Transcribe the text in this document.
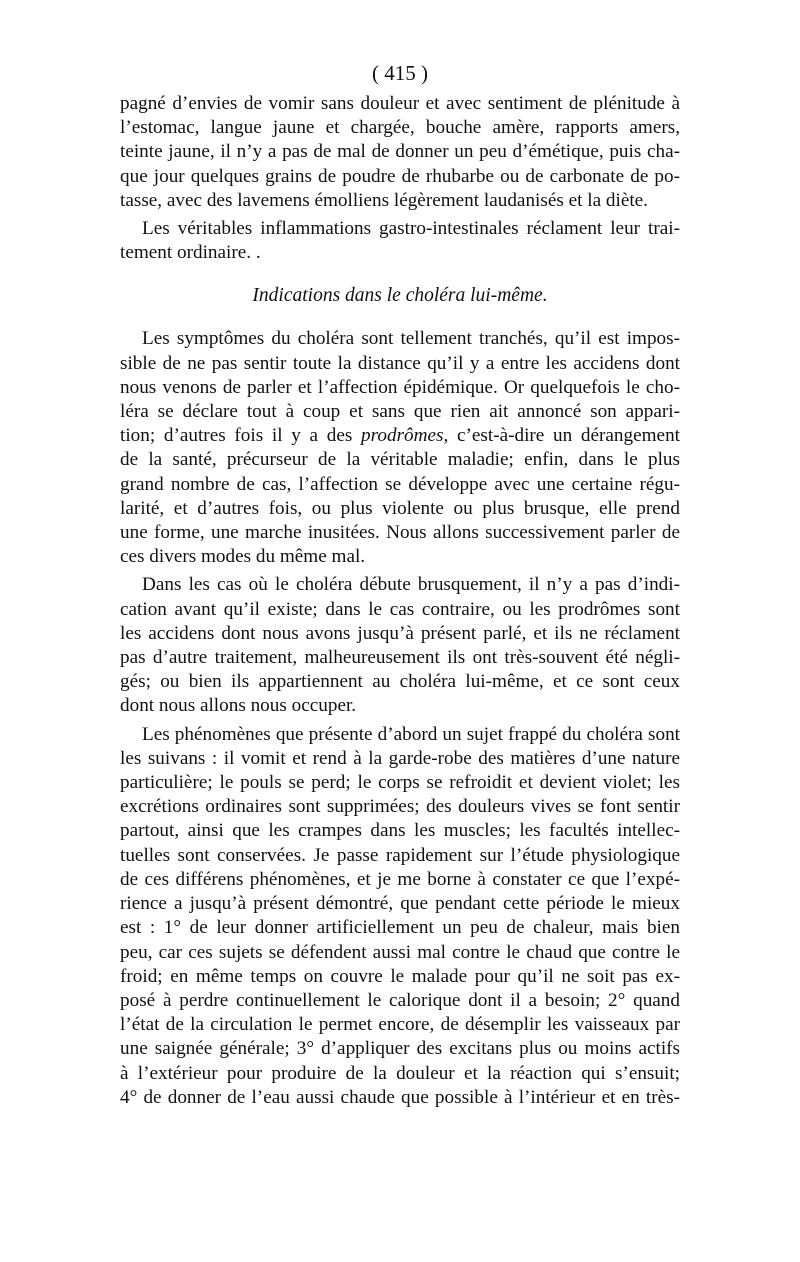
( 415 )
pagné d’envies de vomir sans douleur et avec sentiment de plénitude à
l’estomac, langue jaune et chargée, bouche amère, rapports amers,
teinte jaune, il n’y a pas de mal de donner un peu d’émétique, puis cha-
que jour quelques grains de poudre de rhubarbe ou de carbonate de po-
tasse, avec des lavemens émolliens légèrement laudanisés et la diète.
Les véritables inflammations gastro-intestinales réclament leur trai-
tement ordinaire. .
Indications dans le choléra lui-même.
Les symptômes du choléra sont tellement tranchés, qu’il est impos-
sible de ne pas sentir toute la distance qu’il y a entre les accidens dont
nous venons de parler et l’affection épidémique. Or quelquefois le cho-
léra se déclare tout à coup et sans que rien ait annoncé son appari-
tion; d’autres fois il y a des prodrômes, c’est-à-dire un dérangement
de la santé, précurseur de la véritable maladie; enfin, dans le plus
grand nombre de cas, l’affection se développe avec une certaine régu-
larité, et d’autres fois, ou plus violente ou plus brusque, elle prend
une forme, une marche inusitées. Nous allons successivement parler de
ces divers modes du même mal.
Dans les cas où le choléra débute brusquement, il n’y a pas d’indi-
cation avant qu’il existe; dans le cas contraire, ou les prodrômes sont
les accidens dont nous avons jusqu’à présent parlé, et ils ne réclament
pas d’autre traitement, malheureusement ils ont très-souvent été négli-
gés; ou bien ils appartiennent au choléra lui-même, et ce sont ceux
dont nous allons nous occuper.
Les phénomènes que présente d’abord un sujet frappé du choléra sont
les suivans : il vomit et rend à la garde-robe des matières d’une nature
particulière; le pouls se perd; le corps se refroidit et devient violet; les
excrétions ordinaires sont supprimées; des douleurs vives se font sentir
partout, ainsi que les crampes dans les muscles; les facultés intellec-
tuelles sont conservées. Je passe rapidement sur l’étude physiologique
de ces différens phénomènes, et je me borne à constater ce que l’expé-
rience a jusqu’à présent démontré, que pendant cette période le mieux
est : 1° de leur donner artificiellement un peu de chaleur, mais bien
peu, car ces sujets se défendent aussi mal contre le chaud que contre le
froid; en même temps on couvre le malade pour qu’il ne soit pas ex-
posé à perdre continuellement le calorique dont il a besoin; 2° quand
l’état de la circulation le permet encore, de désemplir les vaisseaux par
une saignée générale; 3° d’appliquer des excitans plus ou moins actifs
à l’extérieur pour produire de la douleur et la réaction qui s’ensuit;
4° de donner de l’eau aussi chaude que possible à l’intérieur et en très-
